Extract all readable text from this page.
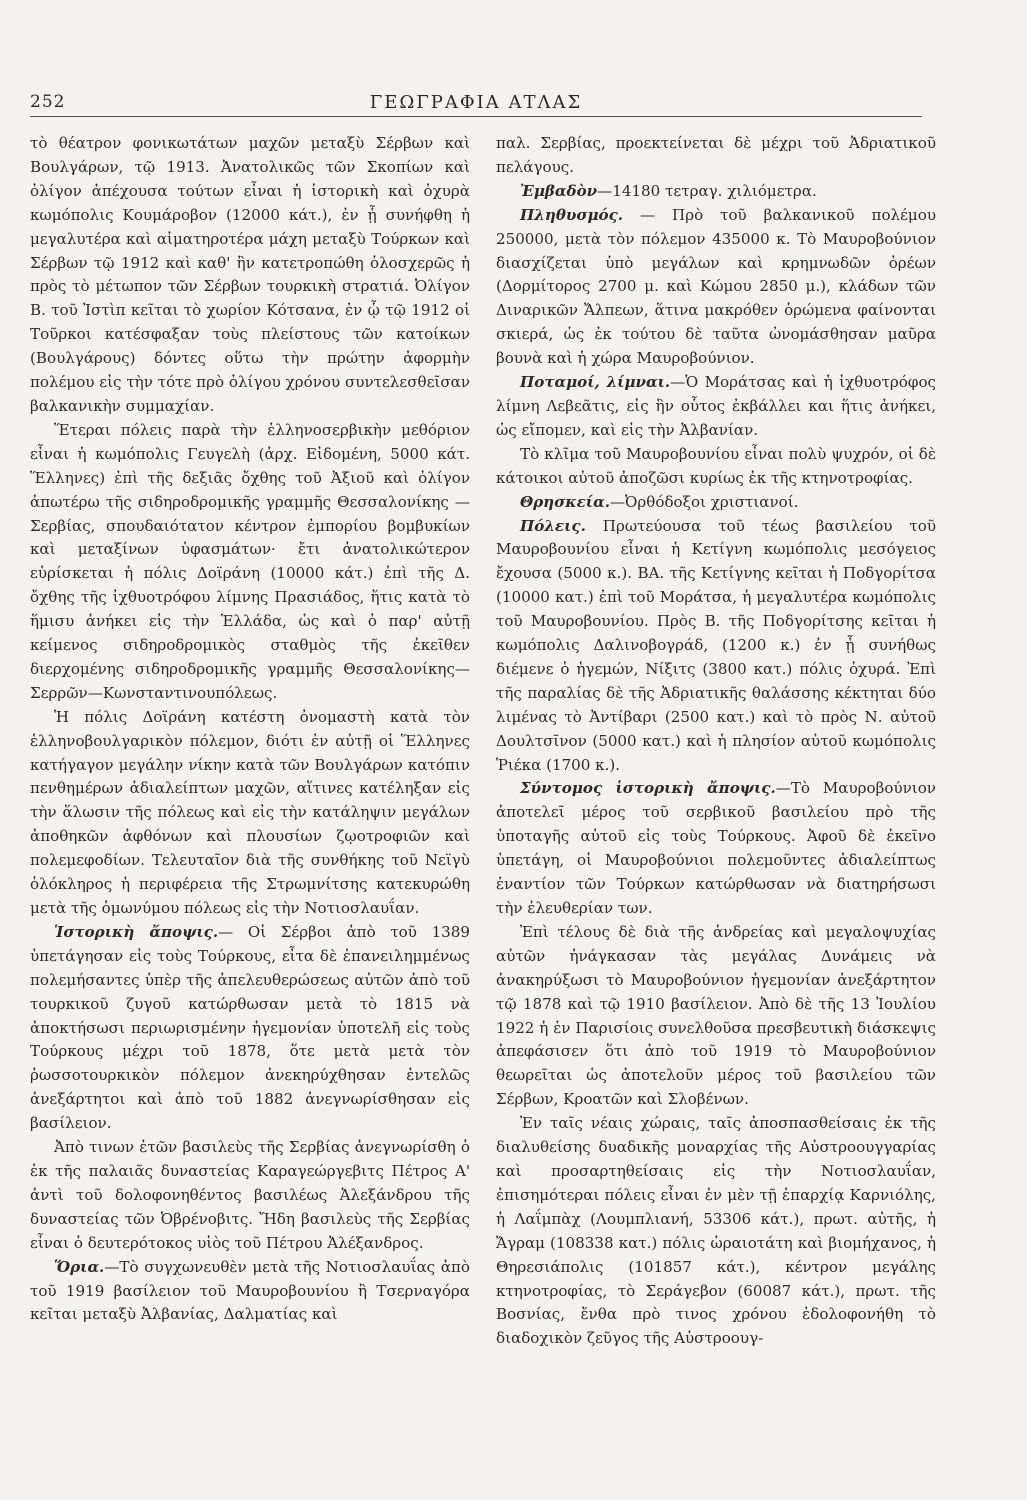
252	ΓΕΩΓΡΑΦΙΑ ΑΤΛΑΣ

τὸ θέατρον φονικωτάτων μαχῶν μεταξὺ Σέρβων καὶ Βουλγάρων, τῷ 1913. Ἀνατολικῶς τῶν Σκοπίων καὶ ὀλίγον ἀπέχουσα τούτων εἶναι ἡ ἱστορικὴ καὶ ὀχυρὰ κωμόπολις Κουμάροβον (12000 κάτ.), ἐν ᾗ συνήφθη ἡ μεγαλυτέρα καὶ αἱματηροτέρα μάχη μεταξὺ Τούρκων καὶ Σέρβων τῷ 1912 καὶ καθ' ἣν κατετροπώθη ὁλοσχερῶς ἡ πρὸς τὸ μέτωπον τῶν Σέρβων τουρκικὴ στρατιά. Ὀλίγον Β. τοῦ Ἰστὶπ κεῖται τὸ χωρίον Κότσανα, ἐν ᾧ τῷ 1912 οἱ Τοῦρκοι κατέσφαξαν τοὺς πλείστους τῶν κατοίκων (Βουλγάρους) δόντες οὕτω τὴν πρώτην ἀφορμὴν πολέμου εἰς τὴν τότε πρὸ ὀλίγου χρόνου συντελεσθεῖσαν βαλκανικὴν συμμαχίαν.

Ἕτεραι πόλεις παρὰ τὴν ἑλληνοσερβικὴν μεθόριον εἶναι ἡ κωμόπολις Γευγελὴ (ἀρχ. Εἰδομένη, 5000 κάτ. Ἕλληνες) ἐπὶ τῆς δεξιᾶς ὄχθης τοῦ Ἀξιοῦ καὶ ὀλίγον ἀπωτέρω τῆς σιδηροδρομικῆς γραμμῆς Θεσσαλονίκης — Σερβίας, σπουδαιότατον κέντρον ἐμπορίου βομβυκίων καὶ μεταξίνων ὑφασμάτων· ἔτι ἀνατολικώτερον εὑρίσκεται ἡ πόλις Δοϊράνη (10000 κάτ.) ἐπὶ τῆς Δ. ὄχθης τῆς ἰχθυοτρόφου λίμνης Πρασιάδος, ἥτις κατὰ τὸ ἥμισυ ἀνήκει εἰς τὴν Ἑλλάδα, ὡς καὶ ὁ παρ' αὐτῇ κείμενος σιδηροδρομικὸς σταθμὸς τῆς ἐκεῖθεν διερχομένης σιδηροδρομικῆς γραμμῆς Θεσσαλονίκης—Σερρῶν—Κωνσταντινουπόλεως.

Ἡ πόλις Δοϊράνη κατέστη ὀνομαστὴ κατὰ τὸν ἑλληνοβουλγαρικὸν πόλεμον, διότι ἐν αὐτῇ οἱ Ἕλληνες κατήγαγον μεγάλην νίκην κατὰ τῶν Βουλγάρων κατόπιν πενθημέρων ἀδιαλείπτων μαχῶν, αἵτινες κατέληξαν εἰς τὴν ἅλωσιν τῆς πόλεως καὶ εἰς τὴν κατάληψιν μεγάλων ἀποθηκῶν ἀφθόνων καὶ πλουσίων ζῳοτροφιῶν καὶ πολεμεφοδίων. Τελευταῖον διὰ τῆς συνθήκης τοῦ Νεϊγὺ ὁλόκληρος ἡ περιφέρεια τῆς Στρωμνίτσης κατεκυρώθη μετὰ τῆς ὁμωνύμου πόλεως εἰς τὴν Νοτιοσλαυΐαν.

Ἱστορικὴ ἄποψις.— Οἱ Σέρβοι ἀπὸ τοῦ 1389 ὑπετάγησαν εἰς τοὺς Τούρκους, εἶτα δὲ ἐπανειλημμένως πολεμήσαντες ὑπὲρ τῆς ἀπελευθερώσεως αὐτῶν ἀπὸ τοῦ τουρκικοῦ ζυγοῦ κατώρθωσαν μετὰ τὸ 1815 νὰ ἀποκτήσωσι περιωρισμένην ἡγεμονίαν ὑποτελῆ εἰς τοὺς Τούρκους μέχρι τοῦ 1878, ὅτε μετὰ μετὰ τὸν ῥωσσοτουρκικὸν πόλεμον ἀνεκηρύχθησαν ἐντελῶς ἀνεξάρτητοι καὶ ἀπὸ τοῦ 1882 ἀνεγνωρίσθησαν εἰς βασίλειον.

Ἀπὸ τινων ἐτῶν βασιλεὺς τῆς Σερβίας ἀνεγνωρίσθη ὁ ἐκ τῆς παλαιᾶς δυναστείας Καραγεώργεβιτς Πέτρος Α' ἀντὶ τοῦ δολοφονηθέντος βασιλέως Ἀλεξάνδρου τῆς δυναστείας τῶν Ὀβρένοβιτς. Ἤδη βασιλεὺς τῆς Σερβίας εἶναι ὁ δευτερότοκος υἱὸς τοῦ Πέτρου Ἀλέξανδρος.

Ὅρια.—Τὸ συγχωνευθὲν μετὰ τῆς Νοτιοσλαυΐας ἀπὸ τοῦ 1919 βασίλειον τοῦ Μαυροβουνίου ἢ Τσερναγόρα κεῖται μεταξὺ Ἀλβανίας, Δαλματίας καὶ

παλ. Σερβίας, προεκτείνεται δὲ μέχρι τοῦ Ἀδριατικοῦ πελάγους.

Ἐμβαδὸν—14180 τετραγ. χιλιόμετρα.

Πληθυσμός. — Πρὸ τοῦ βαλκανικοῦ πολέμου 250000, μετὰ τὸν πόλεμον 435000 κ. Τὸ Μαυροβούνιον διασχίζεται ὑπὸ μεγάλων καὶ κρημνωδῶν ὀρέων (Δορμίτορος 2700 μ. καὶ Κώμου 2850 μ.), κλάδων τῶν Διναρικῶν Ἄλπεων, ἅτινα μακρόθεν ὁρώμενα φαίνονται σκιερά, ὡς ἐκ τούτου δὲ ταῦτα ὠνομάσθησαν μαῦρα βουνὰ καὶ ἡ χώρα Μαυροβούνιον.

Ποταμοί, λίμναι.—Ὁ Μοράτσας καὶ ἡ ἰχθυοτρόφος λίμνη Λεβεᾶτις, εἰς ἣν οὗτος ἐκβάλλει και ἥτις ἀνήκει, ὡς εἴπομεν, καὶ εἰς τὴν Ἀλβανίαν.

Τὸ κλῖμα τοῦ Μαυροβουνίου εἶναι πολὺ ψυχρόν, οἱ δὲ κάτοικοι αὐτοῦ ἀποζῶσι κυρίως ἐκ τῆς κτηνοτροφίας.

Θρησκεία.—Ὀρθόδοξοι χριστιανοί.

Πόλεις. Πρωτεύουσα τοῦ τέως βασιλείου τοῦ Μαυροβουνίου εἶναι ἡ Κετίγνη κωμόπολις μεσόγειος ἔχουσα (5000 κ.). ΒΑ. τῆς Κετίγνης κεῖται ἡ Ποδγορίτσα (10000 κατ.) ἐπὶ τοῦ Μοράτσα, ἡ μεγαλυτέρα κωμόπολις τοῦ Μαυροβουνίου. Πρὸς Β. τῆς Ποδγορίτσης κεῖται ἡ κωμόπολις Δαλινοβογράδ, (1200 κ.) ἐν ᾗ συνήθως διέμενε ὁ ἡγεμών, Νίξιτς (3800 κατ.) πόλις ὀχυρά. Ἐπὶ τῆς παραλίας δὲ τῆς Ἀδριατικῆς θαλάσσης κέκτηται δύο λιμένας τὸ Ἀντίβαρι (2500 κατ.) καὶ τὸ πρὸς Ν. αὐτοῦ Δουλτσῖνον (5000 κατ.) καὶ ἡ πλησίον αὐτοῦ κωμόπολις Ῥιέκα (1700 κ.).

Σύντομος ἱστορικὴ ἄποψις.—Τὸ Μαυροβούνιον ἀποτελεῖ μέρος τοῦ σερβικοῦ βασιλείου πρὸ τῆς ὑποταγῆς αὐτοῦ εἰς τοὺς Τούρκους. Ἀφοῦ δὲ ἐκεῖνο ὑπετάγη, οἱ Μαυροβούνιοι πολεμοῦντες ἀδιαλείπτως ἐναντίον τῶν Τούρκων κατώρθωσαν νὰ διατηρήσωσι τὴν ἐλευθερίαν των.

Ἐπὶ τέλους δὲ διὰ τῆς ἀνδρείας καὶ μεγαλοψυχίας αὐτῶν ἠνάγκασαν τὰς μεγάλας Δυνάμεις νὰ ἀνακηρύξωσι τὸ Μαυροβούνιον ἡγεμονίαν ἀνεξάρτητον τῷ 1878 καὶ τῷ 1910 βασίλειον. Ἀπὸ δὲ τῆς 13 Ἰουλίου 1922 ἡ ἐν Παρισίοις συνελθοῦσα πρεσβευτικὴ διάσκεψις ἀπεφάσισεν ὅτι ἀπὸ τοῦ 1919 τὸ Μαυροβούνιον θεωρεῖται ὡς ἀποτελοῦν μέρος τοῦ βασιλείου τῶν Σέρβων, Κροατῶν καὶ Σλοβένων.

Ἐν ταῖς νέαις χώραις, ταῖς ἀποσπασθείσαις ἐκ τῆς διαλυθείσης δυαδικῆς μοναρχίας τῆς Αὐστροουγγαρίας καὶ προσαρτηθείσαις εἰς τὴν Νοτιοσλαυΐαν, ἐπισημότεραι πόλεις εἶναι ἐν μὲν τῇ ἐπαρχίᾳ Καρνιόλης, ἡ Λαΐμπὰχ (Λουμπλιανή, 53306 κάτ.), πρωτ. αὐτῆς, ἡ Ἄγραμ (108338 κατ.) πόλις ὡραιοτάτη καὶ βιομήχανος, ἡ Θηρεσιάπολις (101857 κάτ.), κέντρον μεγάλης κτηνοτροφίας, τὸ Σεράγεβον (60087 κάτ.), πρωτ. τῆς Βοσνίας, ἔνθα πρὸ τινος χρόνου ἐδολοφονήθη τὸ διαδοχικὸν ζεῦγος τῆς Αὐστροουγ-
